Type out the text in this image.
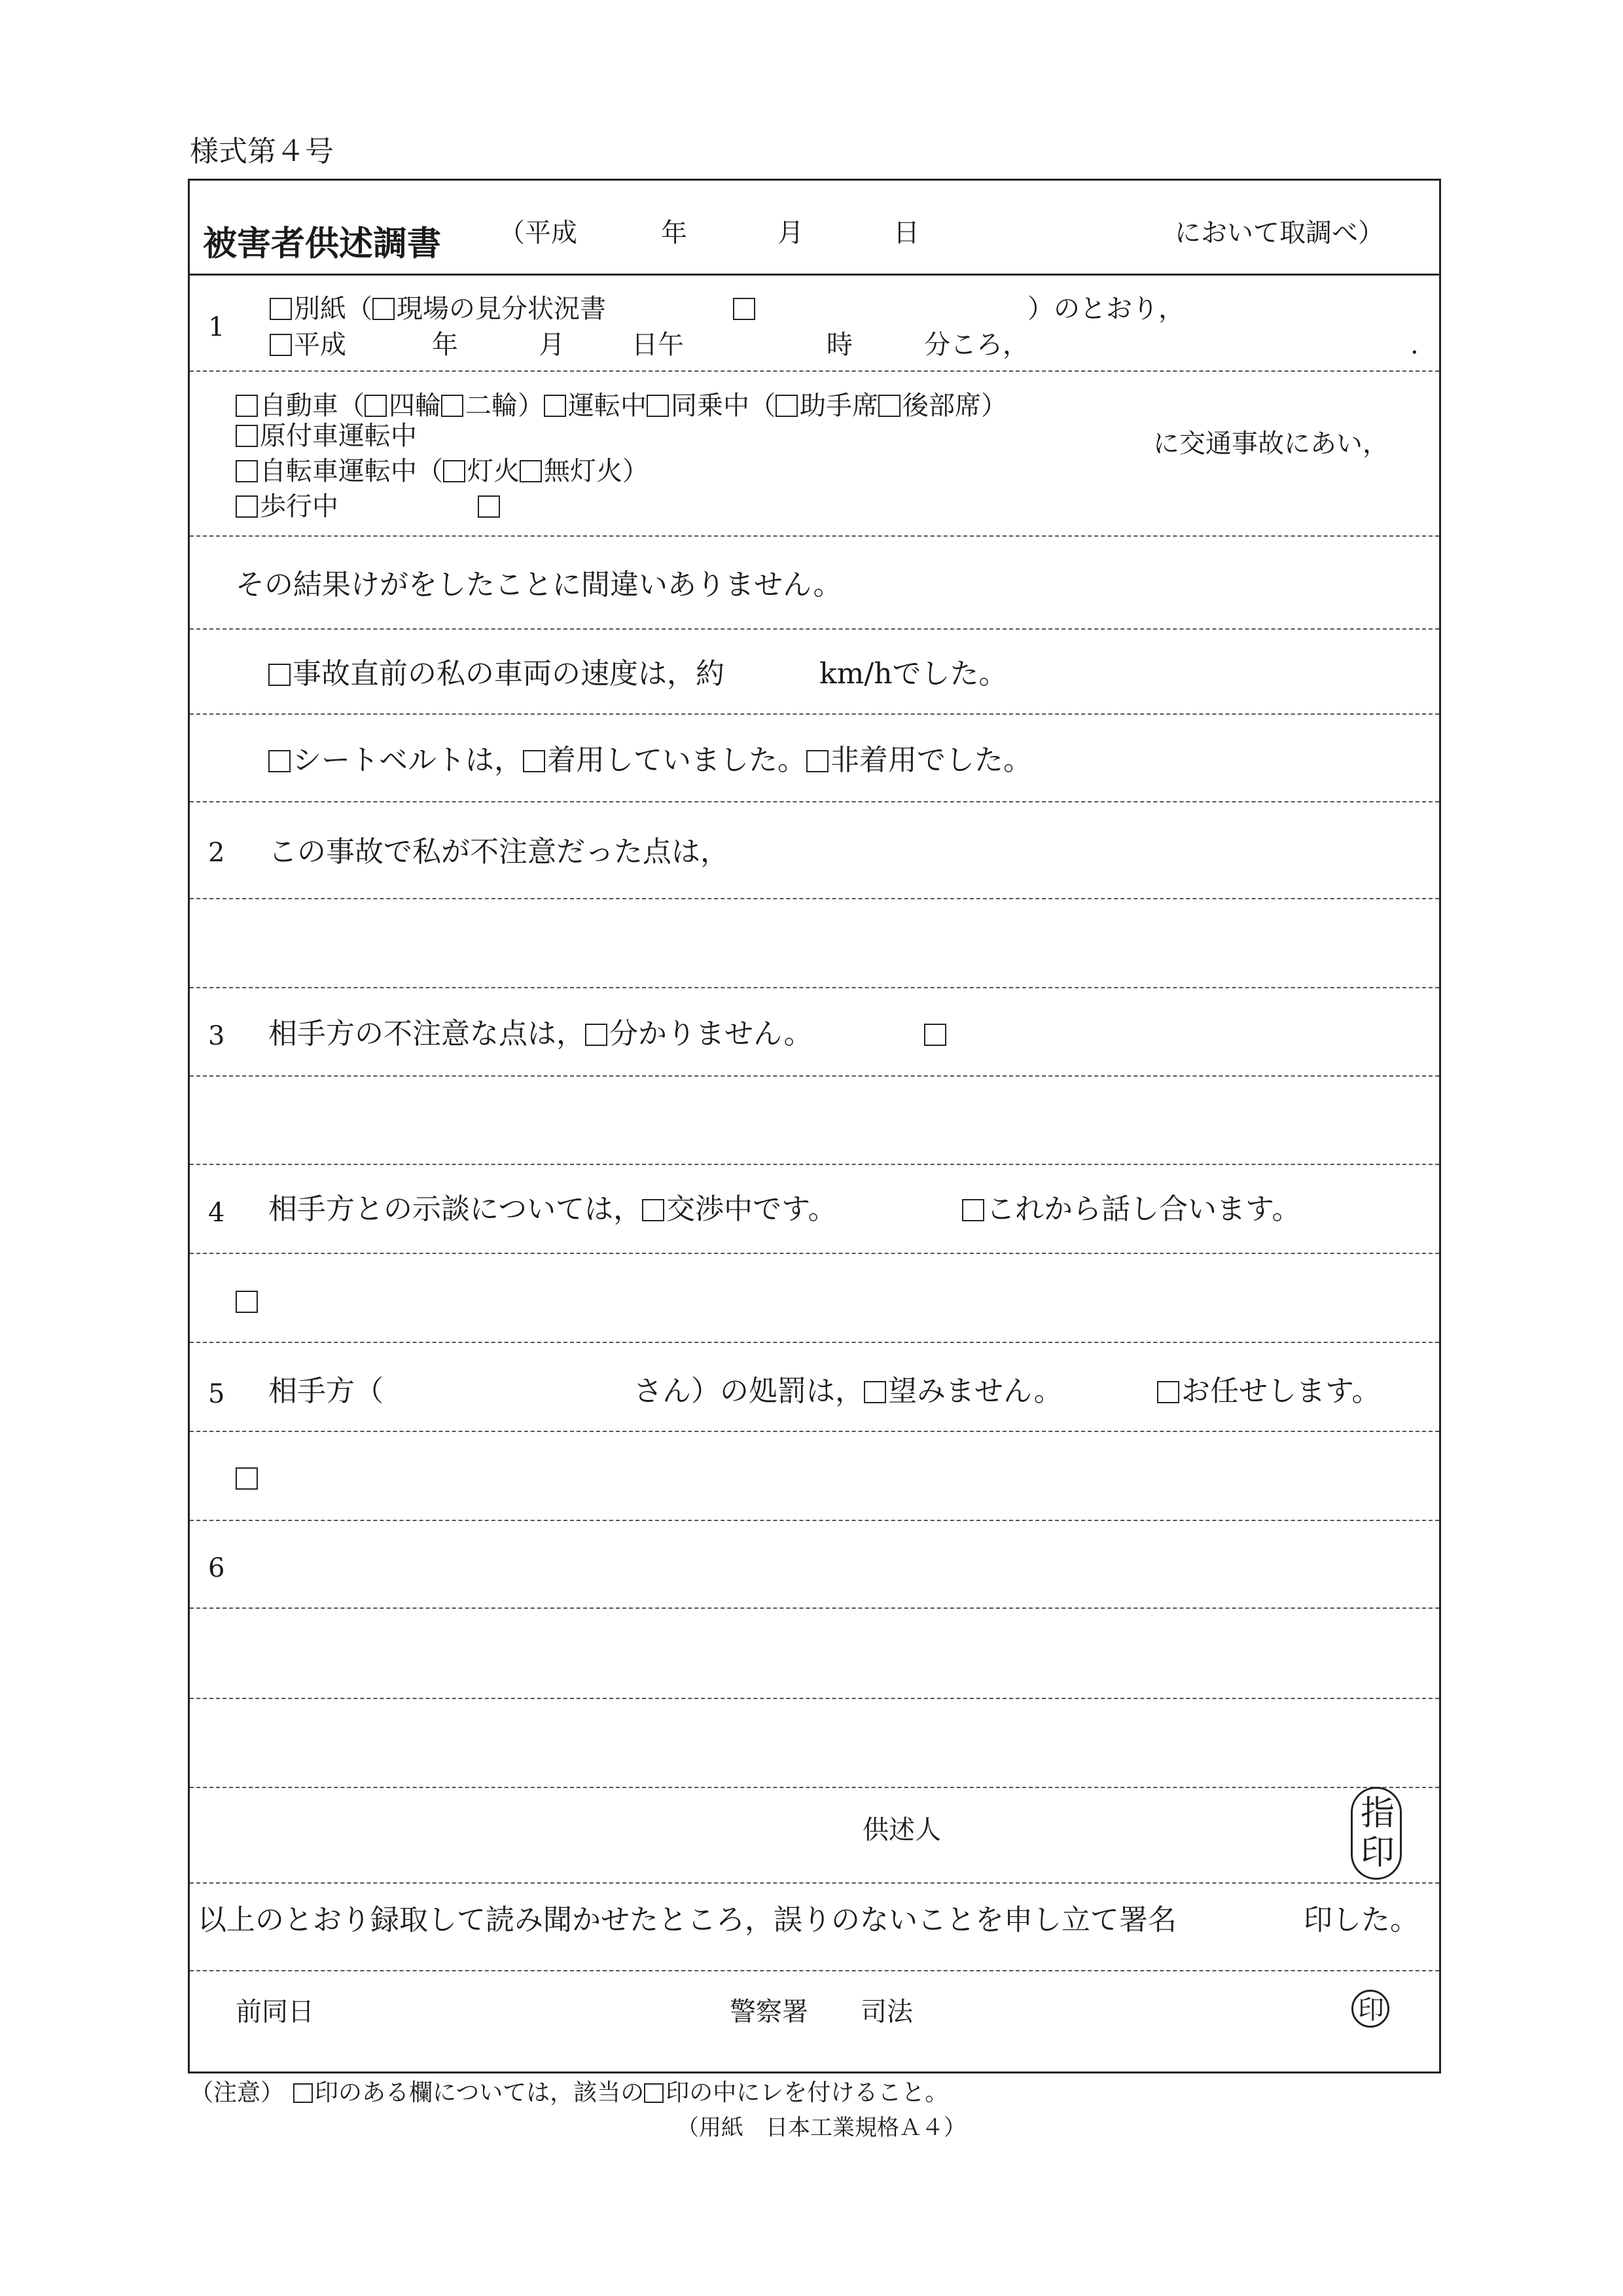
様式第４号
被害者供述調書 （平成	年	月	日	において取調べ）
1
別紙（ 現場の見分状況書	）のとおり，
平成	年	月	日午	時	分ころ，	.
自動車（ 四輪 二輪） 運転中 同乗中（ 助手席 後部席）
原付車運転中	に交通事故にあい，
自転車運転中（ 灯火 無灯火）
歩行中
その結果けがをしたことに間違いありません。
事故直前の私の車両の速度は，約	km/hでした。
シートベルトは， 着用していました。 非着用でした。
2 この事故で私が不注意だった点は，
3 相手方の不注意な点は， 分かりません。
4 相手方との示談については， 交渉中です。	これから話し合います。
5 相手方（	さん）の処罰は， 望みません。	お任せします。
6
供述人	指印
以上のとおり録取して読み聞かせたところ，誤りのないことを申し立て署名	印した。
前同日	警察署 司法	印
（注意）	印のある欄については，該当の 印の中にレを付けること。
（用紙　日本工業規格Ａ４）
